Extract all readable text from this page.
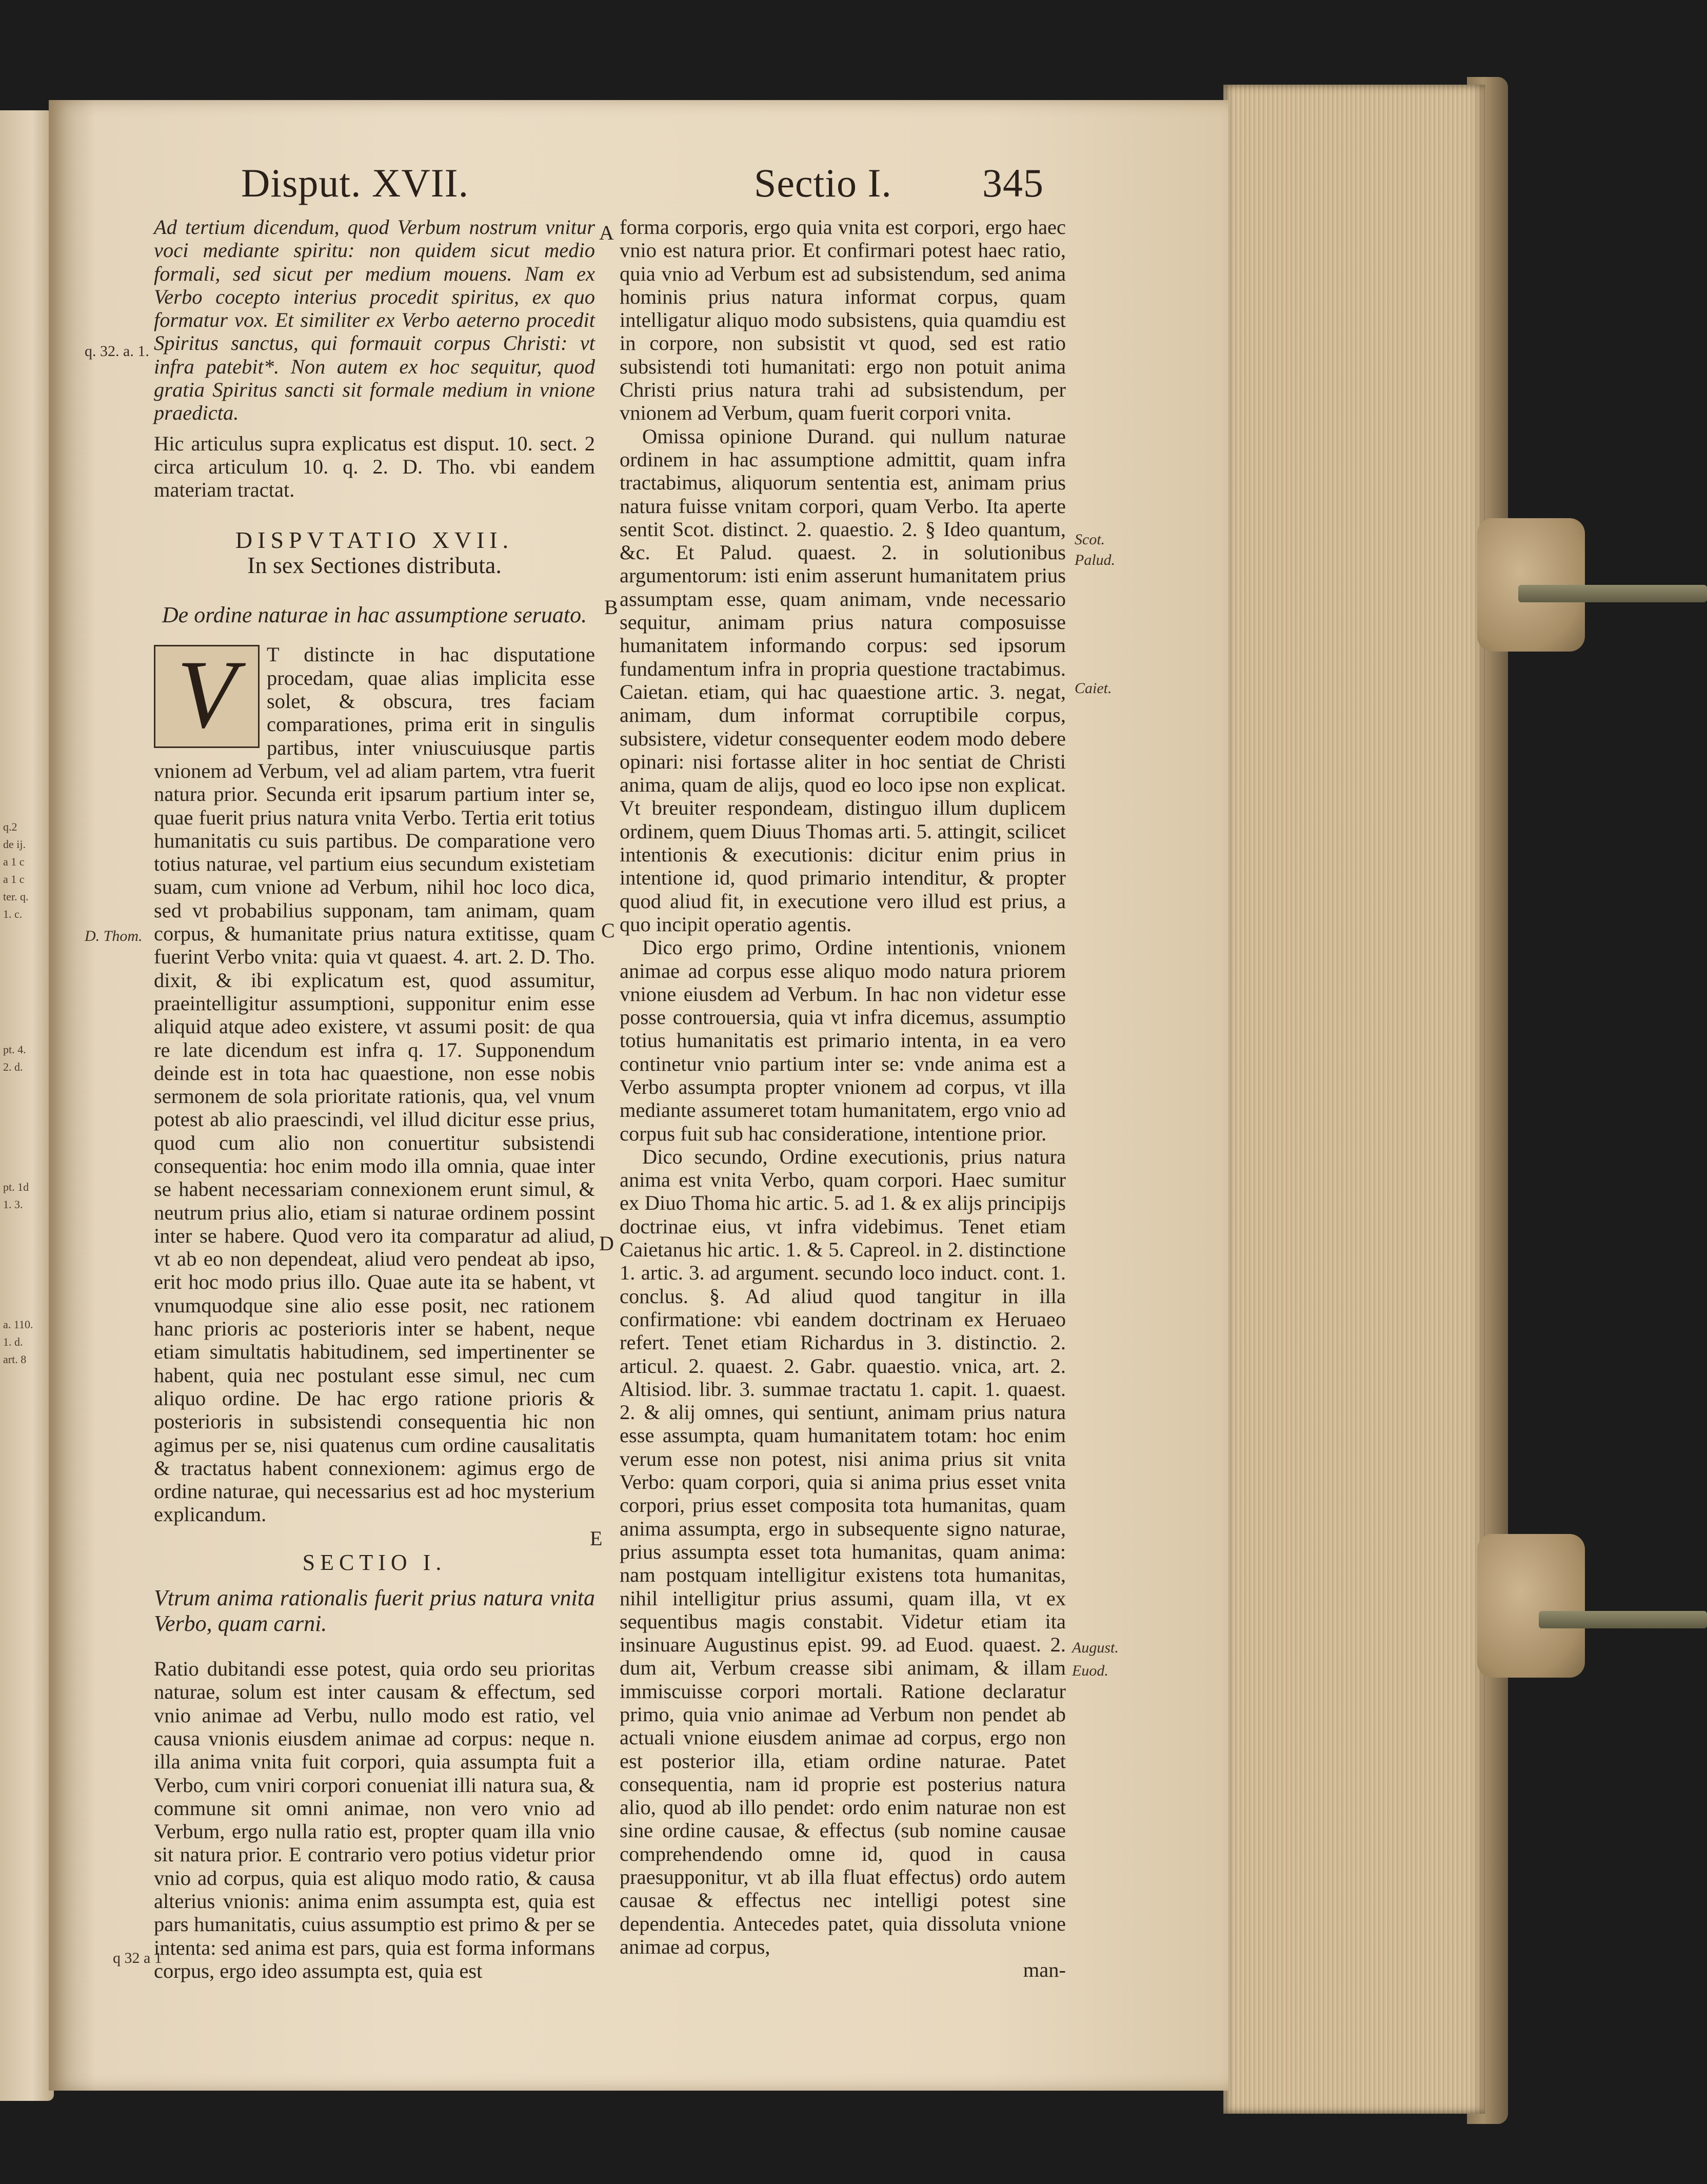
q.2
de ij.
a 1 c
a 1 c
ter. q.
1. c.
pt. 4.
2. d.
pt. 1d
1. 3.
a. 110.
1. d.
art. 8
Disput. XVII.	Sectio I. 345

Ad tertium dicendum, quod Verbum nostrum vnitur voci mediante spiritu: non quidem sicut medio formali, sed sicut per medium mouens. Nam ex Verbo cocepto interius procedit spiritus, ex quo formatur vox. Et similiter ex Verbo aeterno procedit Spiritus sanctus, qui formauit corpus Christi: vt infra patebit*. Non autem ex hoc sequitur, quod gratia Spiritus sancti sit formale medium in vnione praedicta.

Hic articulus supra explicatus est disput. 10. sect. 2 circa articulum 10. q. 2. D. Tho. vbi eandem materiam tractat.

DISPVTATIO XVII.

In sex Sectiones distributa.

De ordine naturae in hac assumptione seruato.

V	T distincte in hac disputatione procedam, quae alias implicita esse solet, & obscura, tres faciam comparationes, prima erit in singulis partibus, inter vniuscuiusque partis vnionem ad Verbum, vel ad aliam partem, vtra fuerit natura prior. Secunda erit ipsarum partium inter se, quae fuerit prius natura vnita Verbo. Tertia erit totius humanitatis cu suis partibus. De comparatione vero totius naturae, vel partium eius secundum existetiam suam, cum vnione ad Verbum, nihil hoc loco dica, sed vt probabilius supponam, tam animam, quam corpus, & humanitate prius natura extitisse, quam fuerint Verbo vnita: quia vt quaest. 4. art. 2. D. Tho. dixit, & ibi explicatum est, quod assumitur, praeintelligitur assumptioni, supponitur enim esse aliquid atque adeo existere, vt assumi posit: de qua re late dicendum est infra q. 17. Supponendum deinde est in tota hac quaestione, non esse nobis sermonem de sola prioritate rationis, qua, vel vnum potest ab alio praescindi, vel illud dicitur esse prius, quod cum alio non conuertitur subsistendi consequentia: hoc enim modo illa omnia, quae inter se habent necessariam connexionem erunt simul, & neutrum prius alio, etiam si naturae ordinem possint inter se habere. Quod vero ita comparatur ad aliud, vt ab eo non dependeat, aliud vero pendeat ab ipso, erit hoc modo prius illo. Quae aute ita se habent, vt vnumquodque sine alio esse posit, nec rationem hanc prioris ac posterioris inter se habent, neque etiam simultatis habitudinem, sed impertinenter se habent, quia nec postulant esse simul, nec cum aliquo ordine. De hac ergo ratione prioris & posterioris in subsistendi consequentia hic non agimus per se, nisi quatenus cum ordine causalitatis & tractatus habent connexionem: agimus ergo de ordine naturae, qui necessarius est ad hoc mysterium explicandum.

SECTIO I.

Vtrum anima rationalis fuerit prius natura vnita Verbo, quam carni.

Ratio dubitandi esse potest, quia ordo seu prioritas naturae, solum est inter causam & effectum, sed vnio animae ad Verbu, nullo modo est ratio, vel causa vnionis eiusdem animae ad corpus: neque n. illa anima vnita fuit corpori, quia assumpta fuit a Verbo, cum vniri corpori conueniat illi natura sua, & commune sit omni animae, non vero vnio ad Verbum, ergo nulla ratio est, propter quam illa vnio sit natura prior. E contrario vero potius videtur prior vnio ad corpus, quia est aliquo modo ratio, & causa alterius vnionis: anima enim assumpta est, quia est pars humanitatis, cuius assumptio est primo & per se intenta: sed anima est pars, quia est forma informans corpus, ergo ideo assumpta est, quia est

forma corporis, ergo quia vnita est corpori, ergo haec vnio est natura prior. Et confirmari potest haec ratio, quia vnio ad Verbum est ad subsistendum, sed anima hominis prius natura informat corpus, quam intelligatur aliquo modo subsistens, quia quamdiu est in corpore, non subsistit vt quod, sed est ratio subsistendi toti humanitati: ergo non potuit anima Christi prius natura trahi ad subsistendum, per vnionem ad Verbum, quam fuerit corpori vnita.

Omissa opinione Durand. qui nullum naturae ordinem in hac assumptione admittit, quam infra tractabimus, aliquorum sententia est, animam prius natura fuisse vnitam corpori, quam Verbo. Ita aperte sentit Scot. distinct. 2. quaestio. 2. § Ideo quantum, &c. Et Palud. quaest. 2. in solutionibus argumentorum: isti enim asserunt humanitatem prius assumptam esse, quam animam, vnde necessario sequitur, animam prius natura composuisse humanitatem informando corpus: sed ipsorum fundamentum infra in propria questione tractabimus. Caietan. etiam, qui hac quaestione artic. 3. negat, animam, dum informat corruptibile corpus, subsistere, videtur consequenter eodem modo debere opinari: nisi fortasse aliter in hoc sentiat de Christi anima, quam de alijs, quod eo loco ipse non explicat. Vt breuiter respondeam, distinguo illum duplicem ordinem, quem Diuus Thomas arti. 5. attingit, scilicet intentionis & executionis: dicitur enim prius in intentione id, quod primario intenditur, & propter quod aliud fit, in executione vero illud est prius, a quo incipit operatio agentis.

Dico ergo primo, Ordine intentionis, vnionem animae ad corpus esse aliquo modo natura priorem vnione eiusdem ad Verbum. In hac non videtur esse posse controuersia, quia vt infra dicemus, assumptio totius humanitatis est primario intenta, in ea vero continetur vnio partium inter se: vnde anima est a Verbo assumpta propter vnionem ad corpus, vt illa mediante assumeret totam humanitatem, ergo vnio ad corpus fuit sub hac consideratione, intentione prior.

Dico secundo, Ordine executionis, prius natura anima est vnita Verbo, quam corpori. Haec sumitur ex Diuo Thoma hic artic. 5. ad 1. & ex alijs principijs doctrinae eius, vt infra videbimus. Tenet etiam Caietanus hic artic. 1. & 5. Capreol. in 2. distinctione 1. artic. 3. ad argument. secundo loco induct. cont. 1. conclus. §. Ad aliud quod tangitur in illa confirmatione: vbi eandem doctrinam ex Heruaeo refert. Tenet etiam Richardus in 3. distinctio. 2. articul. 2. quaest. 2. Gabr. quaestio. vnica, art. 2. Altisiod. libr. 3. summae tractatu 1. capit. 1. quaest. 2. & alij omnes, qui sentiunt, animam prius natura esse assumpta, quam humanitatem totam: hoc enim verum esse non potest, nisi anima prius sit vnita Verbo: quam corpori, quia si anima prius esset vnita corpori, prius esset composita tota humanitas, quam anima assumpta, ergo in subsequente signo naturae, prius assumpta esset tota humanitas, quam anima: nam postquam intelligitur existens tota humanitas, nihil intelligitur prius assumi, quam illa, vt ex sequentibus magis constabit. Videtur etiam ita insinuare Augustinus epist. 99. ad Euod. quaest. 2. dum ait, Verbum creasse sibi animam, & illam immiscuisse corpori mortali. Ratione declaratur primo, quia vnio animae ad Verbum non pendet ab actuali vnione eiusdem animae ad corpus, ergo non est posterior illa, etiam ordine naturae. Patet consequentia, nam id proprie est posterius natura alio, quod ab illo pendet: ordo enim naturae non est sine ordine causae, & effectus (sub nomine causae comprehendendo omne id, quod in causa praesupponitur, vt ab illa fluat effectus) ordo autem causae & effectus nec intelligi potest sine dependentia. Antecedes patet, quia dissoluta vnione animae ad corpus,

man-

A
B
C
D
E
q. 32. a. 1.
D. Thom.
q 32 a 1
Scot.
Palud.
Caiet.
August.
Euod.
